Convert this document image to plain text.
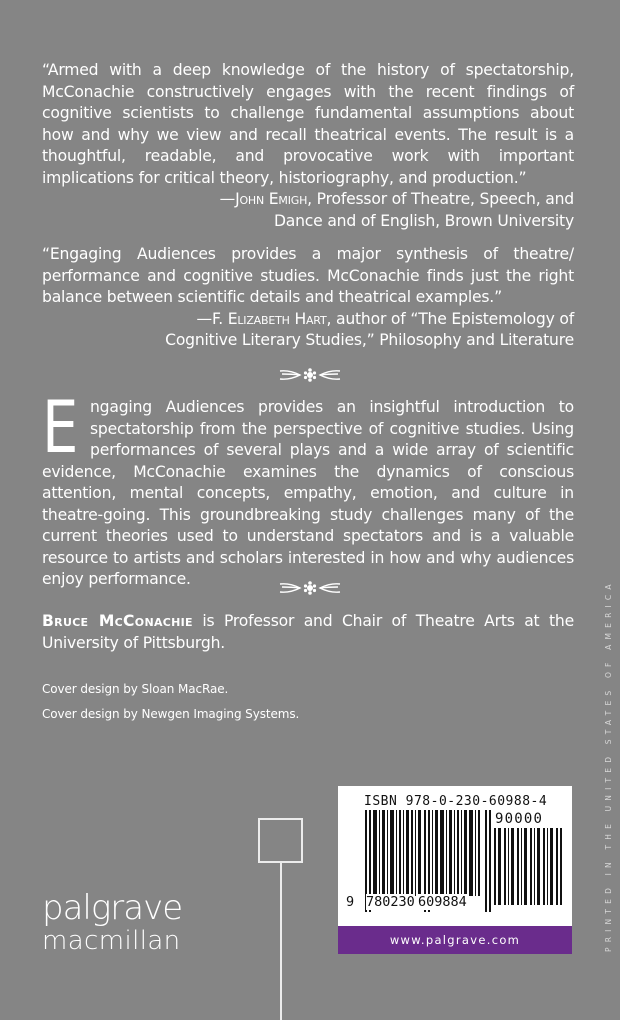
“Armed with a deep knowledge of the history of spectatorship, McConachie constructively engages with the recent findings of cognitive scientists to challenge fundamental assumptions about how and why we view and recall theatrical events. The result is a thoughtful, readable, and provocative work with important implications for critical theory, historiography, and production.”

—John Emigh, Professor of Theatre, Speech, and

Dance and of English, Brown University

“Engaging Audiences provides a major synthesis of theatre/ performance and cognitive studies. McConachie finds just the right balance between scientific details and theatrical examples.”

—F. Elizabeth Hart, author of “The Epistemology of

Cognitive Literary Studies,” Philosophy and Literature

E ngaging Audiences provides an insightful introduction to spectatorship from the perspective of cognitive studies. Using performances of several plays and a wide array of scientific evidence, McConachie examines the dynamics of conscious attention, mental concepts, empathy, emotion, and culture in theatre-going. This groundbreaking study challenges many of the current theories used to understand spectators and is a valuable resource to artists and scholars interested in how and why audiences enjoy performance.

Bruce McConachie is Professor and Chair of Theatre Arts at the University of Pittsburgh.

Cover design by Sloan MacRae.
Cover design by Newgen Imaging Systems.	PRINTED IN THE UNITED STATES OF AMERICA
palgrave
macmillan
ISBN 978-0-230-60988-4
90000
9 780230 609884
www.palgrave.com
